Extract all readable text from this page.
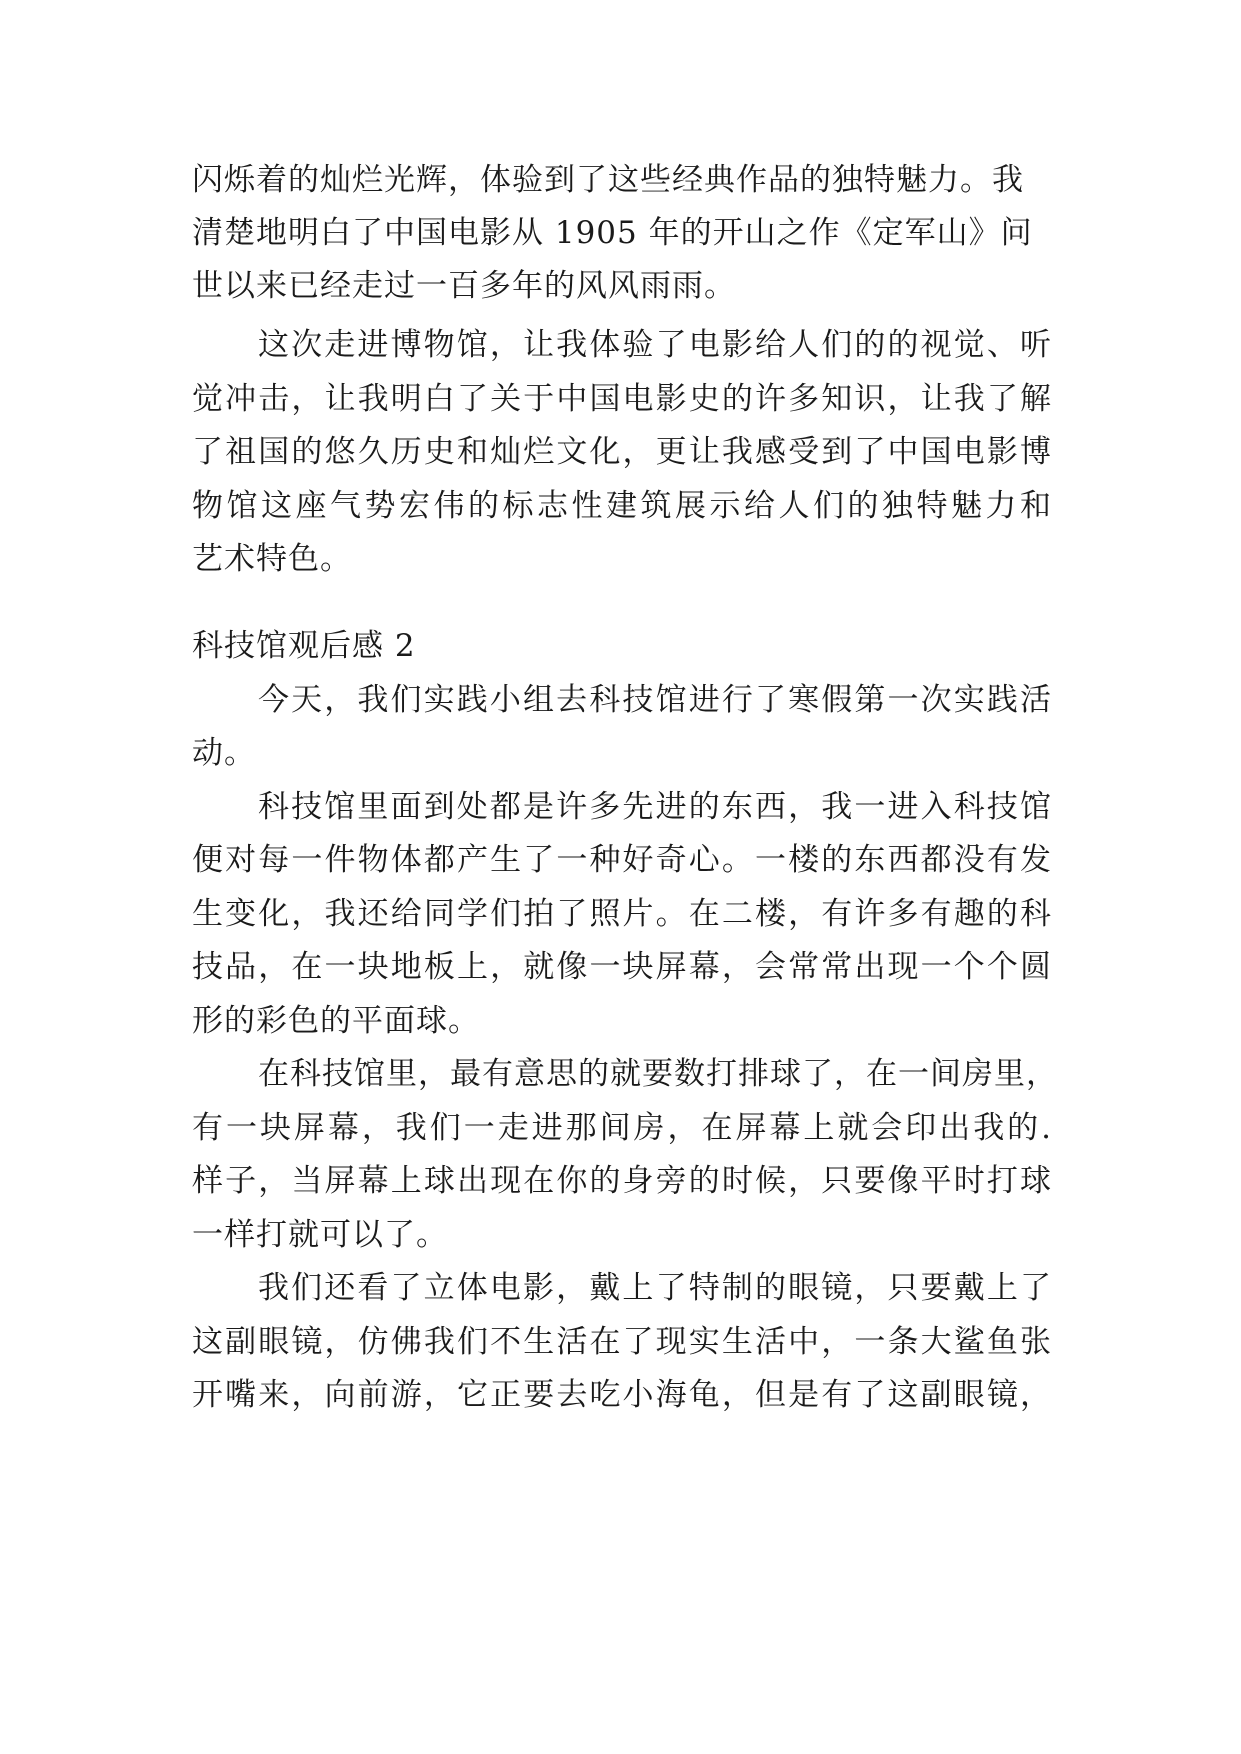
闪烁着的灿烂光辉，体验到了这些经典作品的独特魅力。我
清楚地明白了中国电影从 1905 年的开山之作《定军山》问
世以来已经走过一百多年的风风雨雨。
这次走进博物馆，让我体验了电影给人们的的视觉、听
觉冲击，让我明白了关于中国电影史的许多知识，让我了解
了祖国的悠久历史和灿烂文化，更让我感受到了中国电影博
物馆这座气势宏伟的标志性建筑展示给人们的独特魅力和
艺术特色。
科技馆观后感 2
今天，我们实践小组去科技馆进行了寒假第一次实践活
动。
科技馆里面到处都是许多先进的东西，我一进入科技馆
便对每一件物体都产生了一种好奇心。一楼的东西都没有发
生变化，我还给同学们拍了照片。在二楼，有许多有趣的科
技品，在一块地板上，就像一块屏幕，会常常出现一个个圆
形的彩色的平面球。
在科技馆里，最有意思的就要数打排球了，在一间房里，
有一块屏幕，我们一走进那间房，在屏幕上就会印出我的.
样子，当屏幕上球出现在你的身旁的时候，只要像平时打球
一样打就可以了。
我们还看了立体电影，戴上了特制的眼镜，只要戴上了
这副眼镜，仿佛我们不生活在了现实生活中，一条大鲨鱼张
开嘴来，向前游，它正要去吃小海龟，但是有了这副眼镜，
